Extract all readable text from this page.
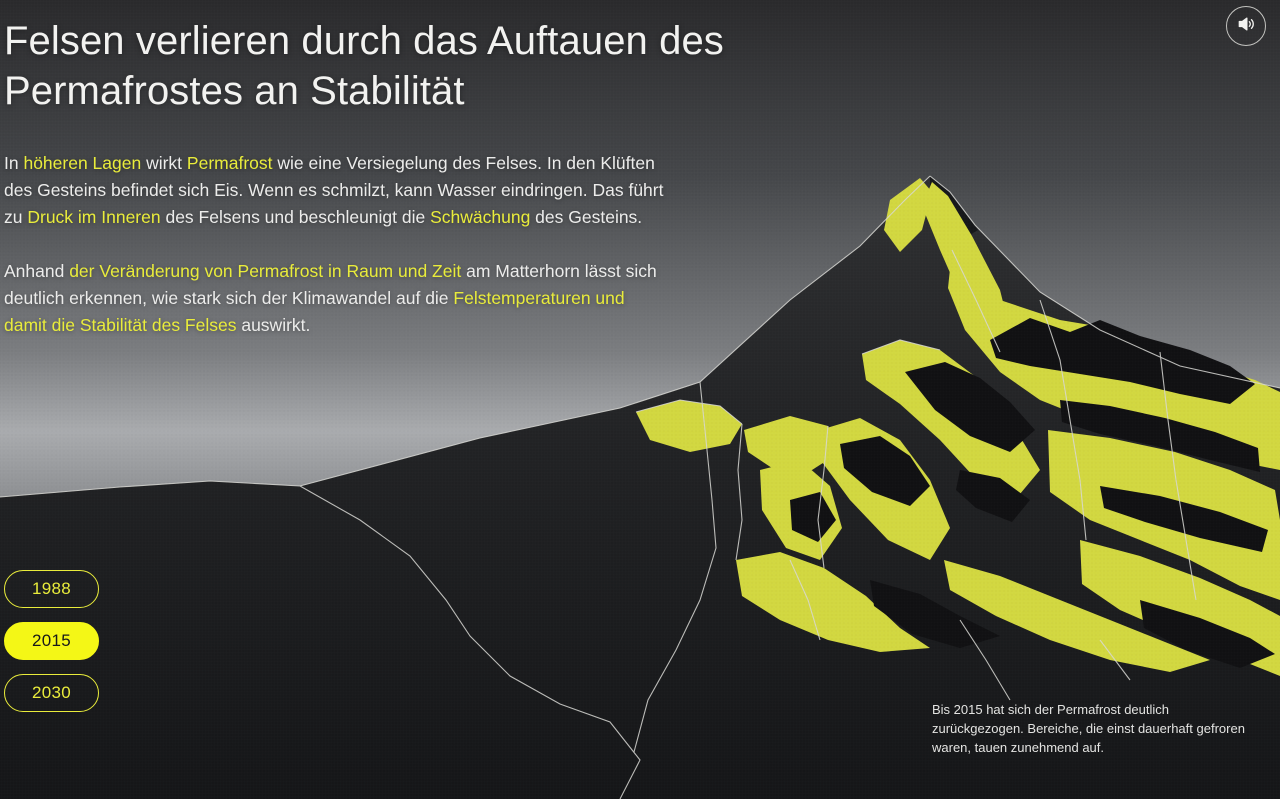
Felsen verlieren durch das Auftauen des Permafrostes an Stabilität

In höheren Lagen wirkt Permafrost wie eine Versiegelung des Felses. In den Klüften des Gesteins befindet sich Eis. Wenn es schmilzt, kann Wasser eindringen. Das führt zu Druck im Inneren des Felsens und beschleunigt die Schwächung des Gesteins.

Anhand der Veränderung von Permafrost in Raum und Zeit am Matterhorn lässt sich deutlich erkennen, wie stark sich der Klimawandel auf die Felstemperaturen und damit die Stabilität des Felses auswirkt.

1988
2015
2030
Bis 2015 hat sich der Permafrost deutlich zurückgezogen. Bereiche, die einst dauerhaft gefroren waren, tauen zunehmend auf.
